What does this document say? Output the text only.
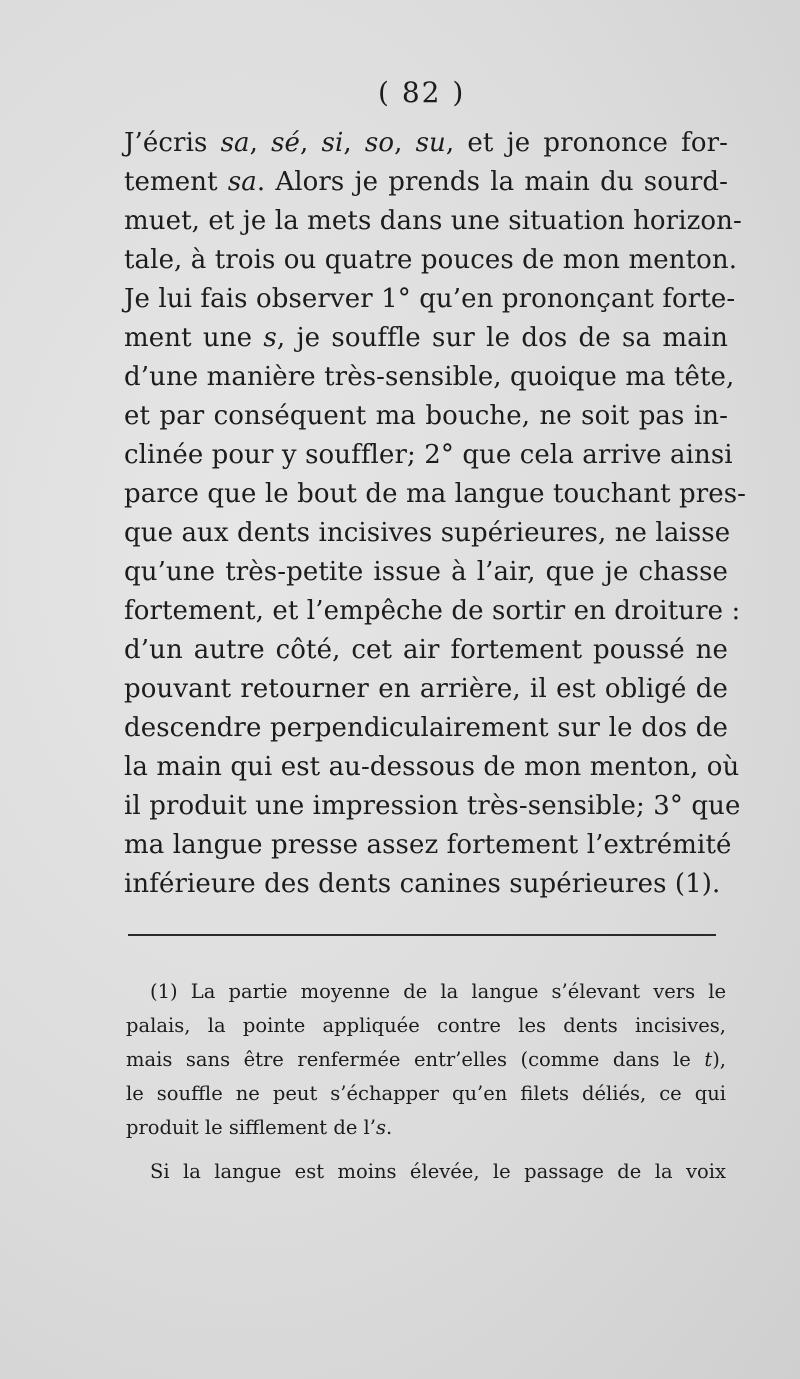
( 82 )
J’écris sa, sé, si, so, su, et je prononce for-
tement sa. Alors je prends la main du sourd-
muet, et je la mets dans une situation horizon-
tale, à trois ou quatre pouces de mon menton.
Je lui fais observer 1° qu’en prononçant forte-
ment une s, je souffle sur le dos de sa main
d’une manière très-sensible, quoique ma tête,
et par conséquent ma bouche, ne soit pas in-
clinée pour y souffler; 2° que cela arrive ainsi
parce que le bout de ma langue touchant pres-
que aux dents incisives supérieures, ne laisse
qu’une très-petite issue à l’air, que je chasse
fortement, et l’empêche de sortir en droiture :
d’un autre côté, cet air fortement poussé ne
pouvant retourner en arrière, il est obligé de
descendre perpendiculairement sur le dos de
la main qui est au-dessous de mon menton, où
il produit une impression très-sensible; 3° que
ma langue presse assez fortement l’extrémité
inférieure des dents canines supérieures (1).
(1) La partie moyenne de la langue s’élevant vers le
palais, la pointe appliquée contre les dents incisives,
mais sans être renfermée entr’elles (comme dans le t),
le souffle ne peut s’échapper qu’en filets déliés, ce qui
produit le sifflement de l’s.
Si la langue est moins élevée, le passage de la voix
